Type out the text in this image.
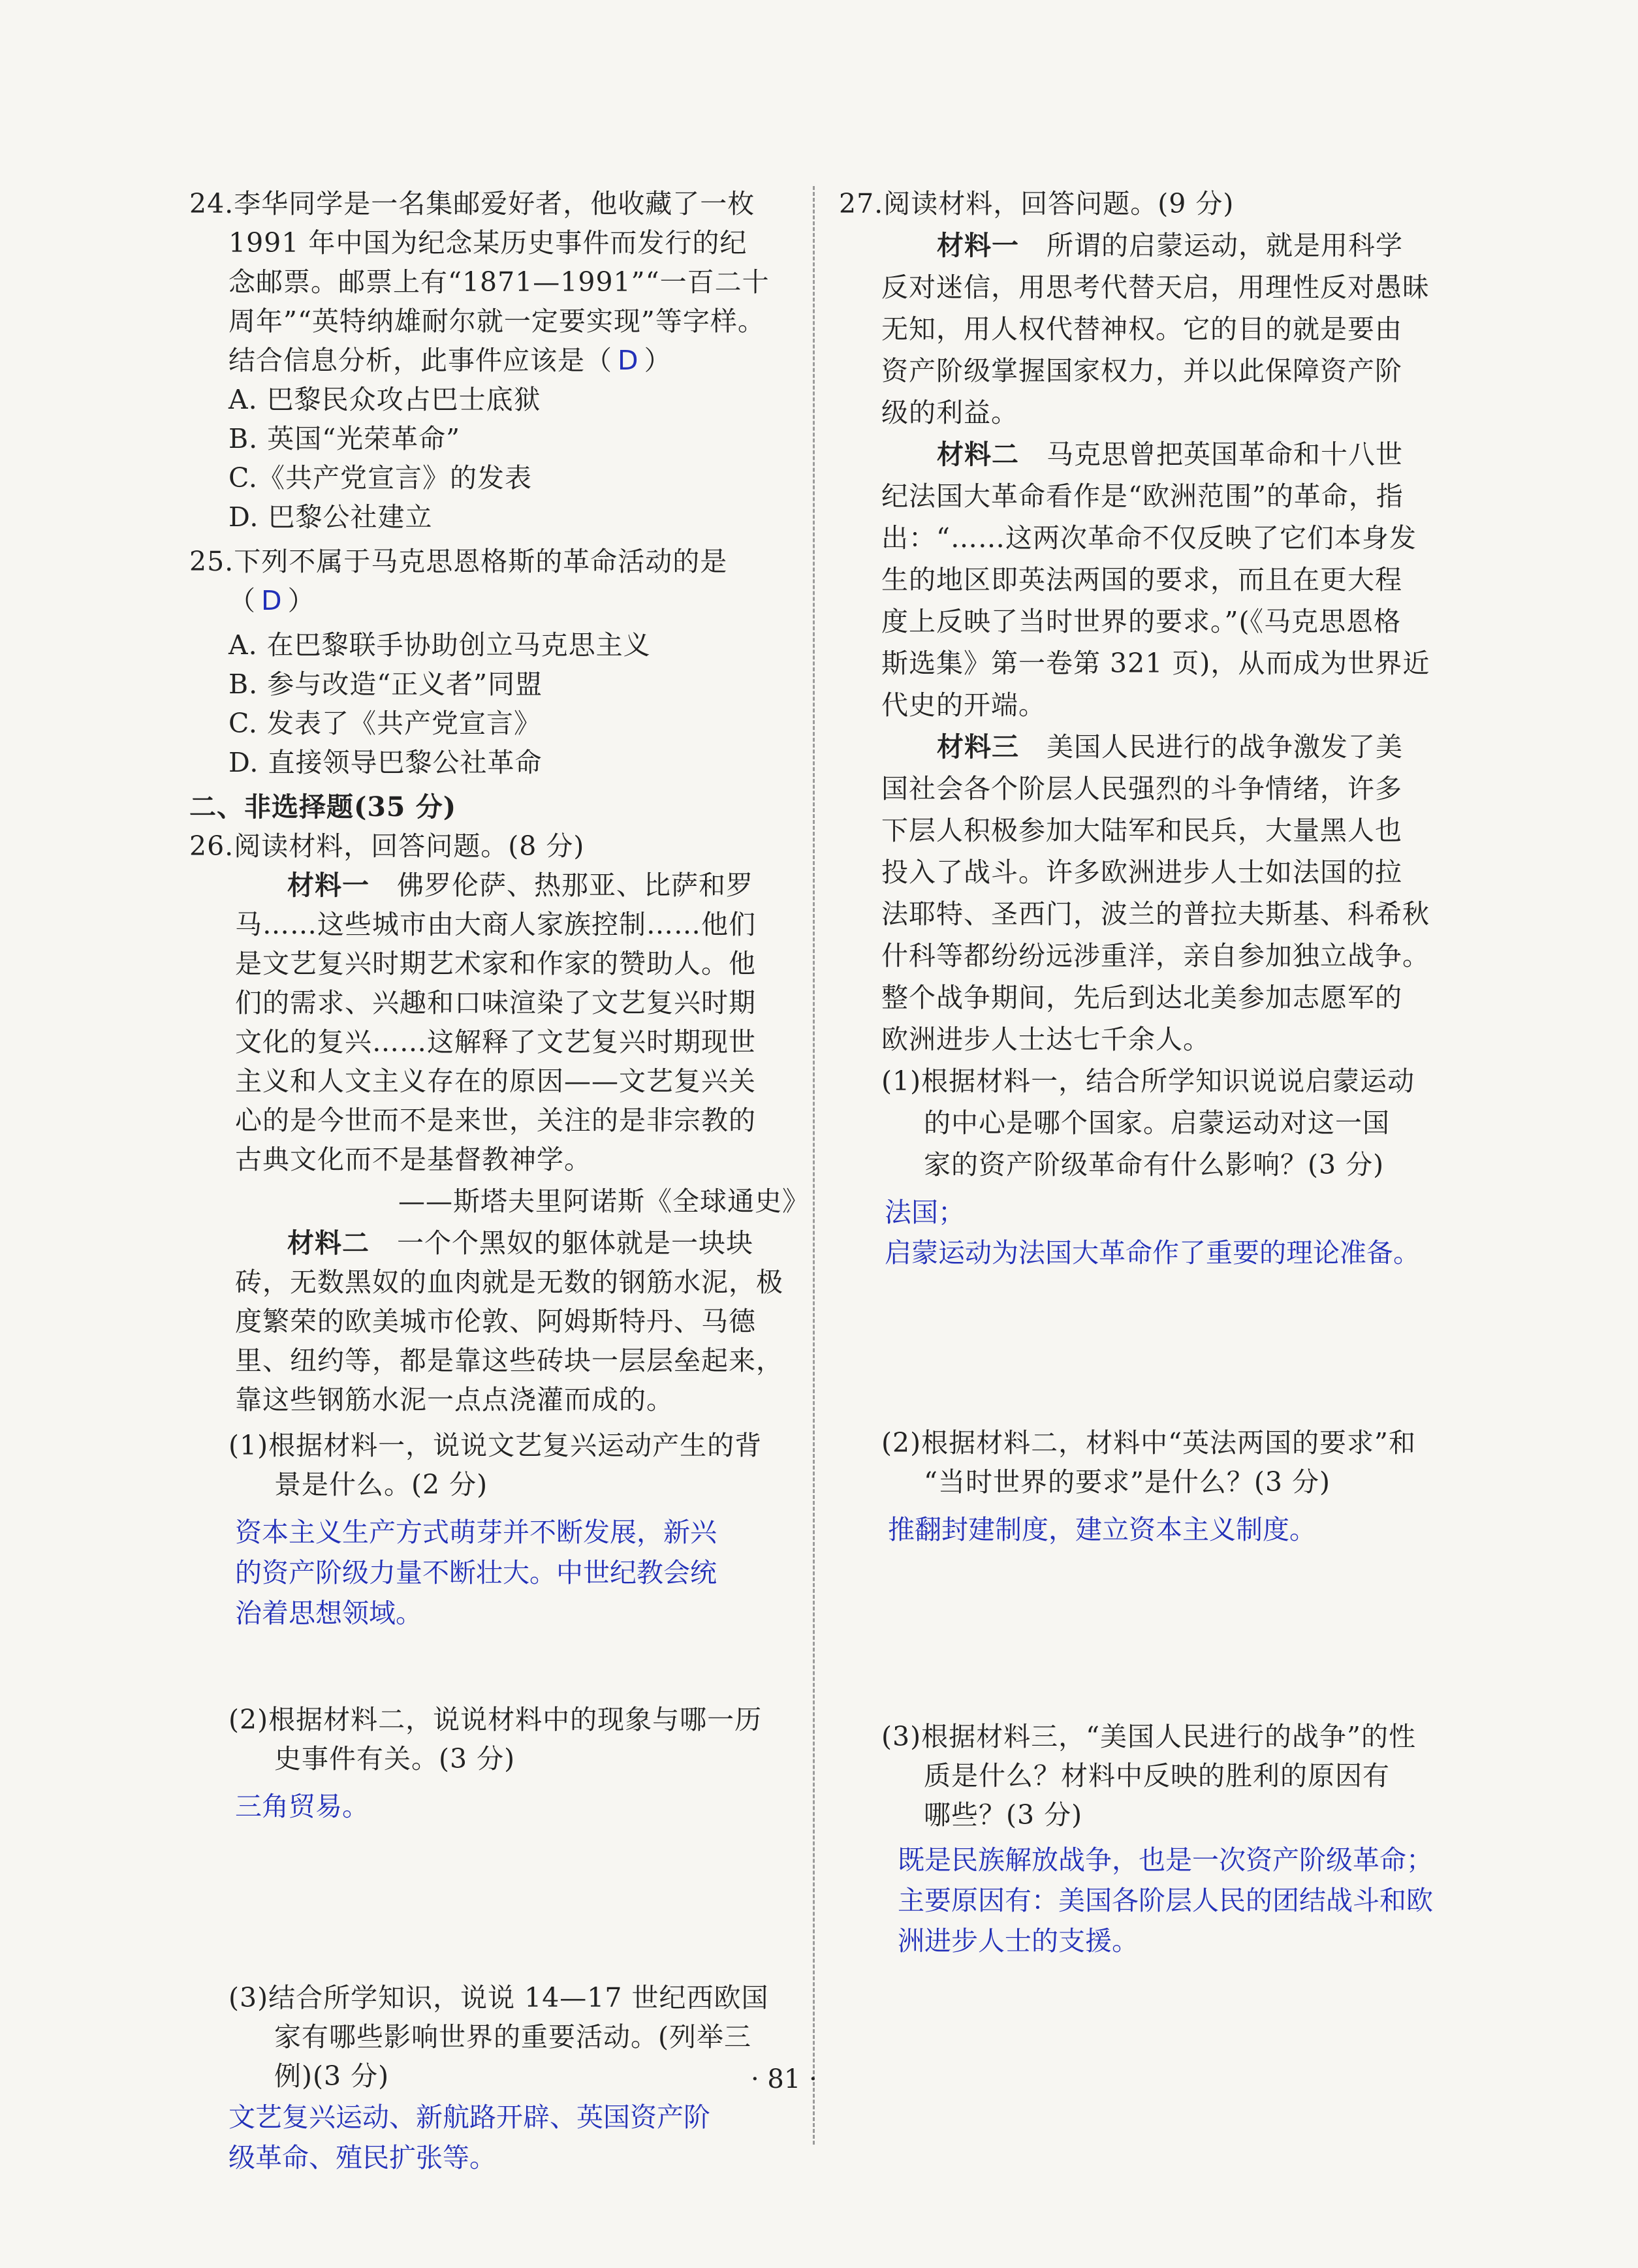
24.李华同学是一名集邮爱好者，他收藏了一枚
1991 年中国为纪念某历史事件而发行的纪
念邮票。邮票上有“1871—1991”“一百二十
周年”“英特纳雄耐尔就一定要实现”等字样。
结合信息分析，此事件应该是（ D ）
A. 巴黎民众攻占巴士底狱
B. 英国“光荣革命”
C.《共产党宣言》的发表
D. 巴黎公社建立
25.下列不属于马克思恩格斯的革命活动的是
（ D ）
A. 在巴黎联手协助创立马克思主义
B. 参与改造“正义者”同盟
C. 发表了《共产党宣言》
D. 直接领导巴黎公社革命
二、非选择题(35 分)
26.阅读材料，回答问题。(8 分)
材料一　佛罗伦萨、热那亚、比萨和罗
马……这些城市由大商人家族控制……他们
是文艺复兴时期艺术家和作家的赞助人。他
们的需求、兴趣和口味渲染了文艺复兴时期
文化的复兴……这解释了文艺复兴时期现世
主义和人文主义存在的原因——文艺复兴关
心的是今世而不是来世，关注的是非宗教的
古典文化而不是基督教神学。
——斯塔夫里阿诺斯《全球通史》
材料二　一个个黑奴的躯体就是一块块
砖，无数黑奴的血肉就是无数的钢筋水泥，极
度繁荣的欧美城市伦敦、阿姆斯特丹、马德
里、纽约等，都是靠这些砖块一层层垒起来，
靠这些钢筋水泥一点点浇灌而成的。
(1)根据材料一，说说文艺复兴运动产生的背
景是什么。(2 分)
资本主义生产方式萌芽并不断发展，新兴
的资产阶级力量不断壮大。中世纪教会统
治着思想领域。
(2)根据材料二，说说材料中的现象与哪一历
史事件有关。(3 分)
三角贸易。
(3)结合所学知识，说说 14—17 世纪西欧国
家有哪些影响世界的重要活动。(列举三
例)(3 分)
文艺复兴运动、新航路开辟、英国资产阶
级革命、殖民扩张等。
27.阅读材料，回答问题。(9 分)
材料一　所谓的启蒙运动，就是用科学
反对迷信，用思考代替天启，用理性反对愚昧
无知，用人权代替神权。它的目的就是要由
资产阶级掌握国家权力，并以此保障资产阶
级的利益。
材料二　马克思曾把英国革命和十八世
纪法国大革命看作是“欧洲范围”的革命，指
出：“……这两次革命不仅反映了它们本身发
生的地区即英法两国的要求，而且在更大程
度上反映了当时世界的要求。”(《马克思恩格
斯选集》第一卷第 321 页)，从而成为世界近
代史的开端。
材料三　美国人民进行的战争激发了美
国社会各个阶层人民强烈的斗争情绪，许多
下层人积极参加大陆军和民兵，大量黑人也
投入了战斗。许多欧洲进步人士如法国的拉
法耶特、圣西门，波兰的普拉夫斯基、科希秋
什科等都纷纷远涉重洋，亲自参加独立战争。
整个战争期间，先后到达北美参加志愿军的
欧洲进步人士达七千余人。
(1)根据材料一，结合所学知识说说启蒙运动
的中心是哪个国家。启蒙运动对这一国
家的资产阶级革命有什么影响？(3 分)
法国；
启蒙运动为法国大革命作了重要的理论准备。
(2)根据材料二，材料中“英法两国的要求”和
“当时世界的要求”是什么？(3 分)
推翻封建制度，建立资本主义制度。
(3)根据材料三，“美国人民进行的战争”的性
质是什么？材料中反映的胜利的原因有
哪些？(3 分)
既是民族解放战争，也是一次资产阶级革命；
主要原因有：美国各阶层人民的团结战斗和欧
洲进步人士的支援。
· 81 ·
